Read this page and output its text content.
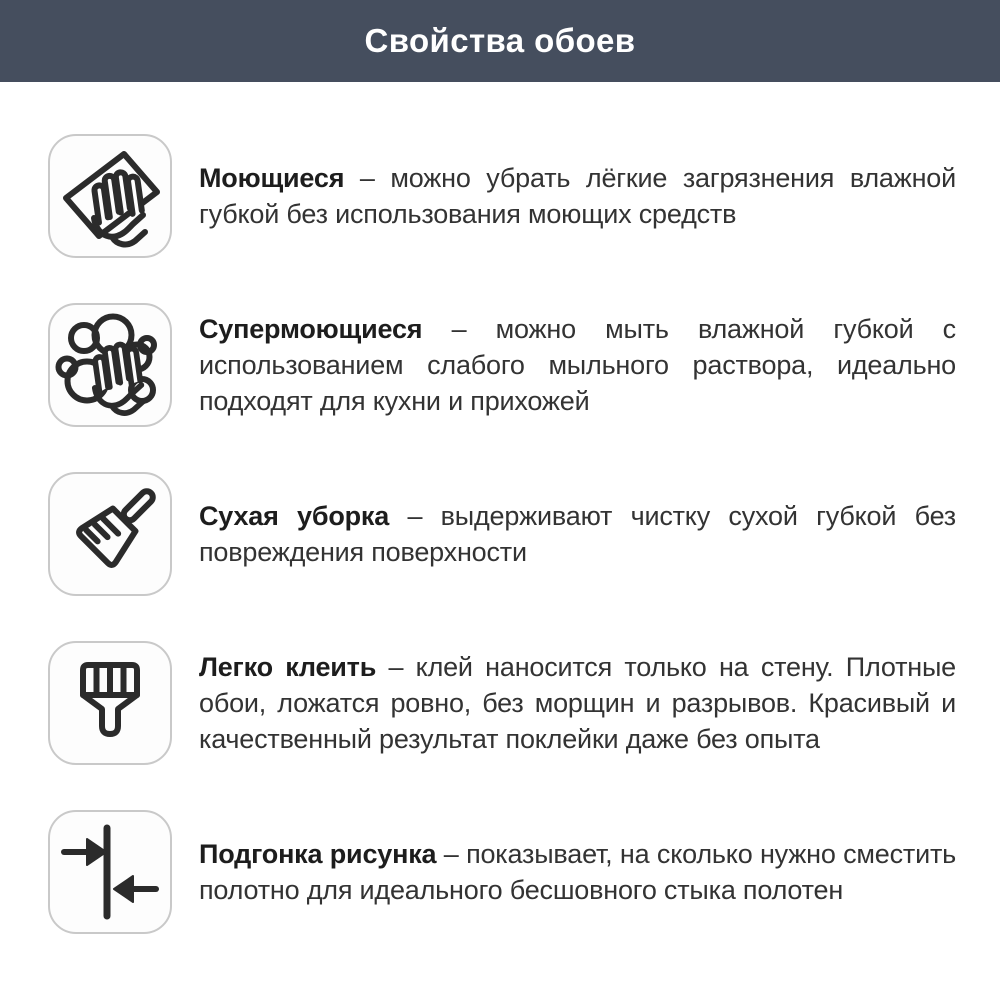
Свойства обоев

Моющиеся – можно убрать лёгкие загрязнения влажной губкой без использования моющих средств

Супермоющиеся – можно мыть влажной губкой с использованием слабого мыльного раствора, идеально подходят для кухни и прихожей

Сухая уборка – выдерживают чистку сухой губкой без повреждения поверхности

Легко клеить – клей наносится только на стену. Плотные обои, ложатся ровно, без морщин и разрывов. Красивый и качественный результат поклейки даже без опыта

Подгонка рисунка – показывает, на сколько нужно сместить полотно для идеального бесшовного стыка полотен
